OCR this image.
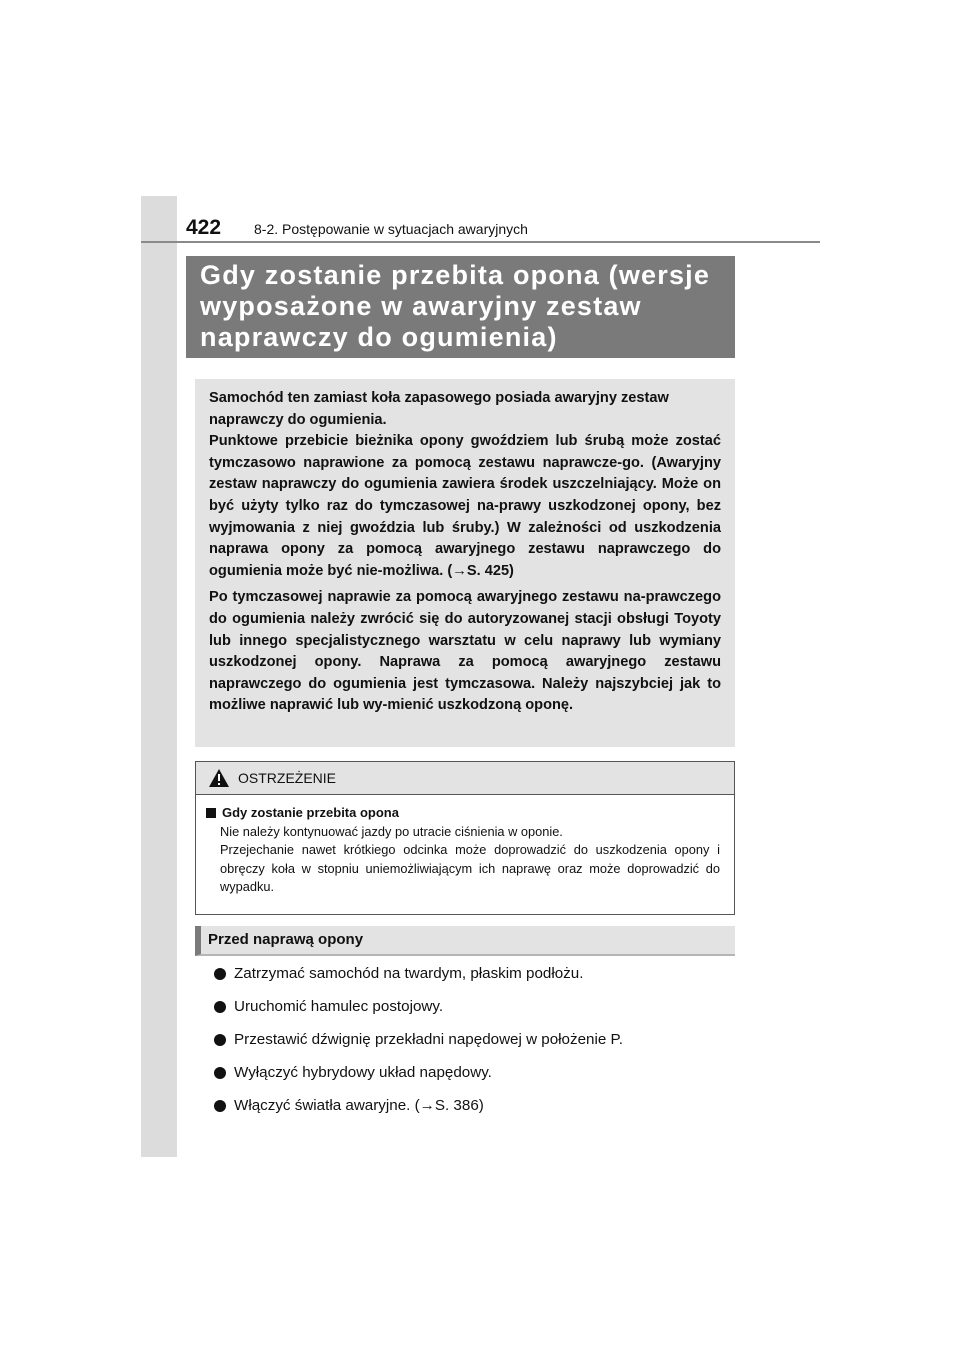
422 8-2. Postępowanie w sytuacjach awaryjnych
Gdy zostanie przebita opona (wersje
wyposażone w awaryjny zestaw
naprawczy do ogumienia)

Samochód ten zamiast koła zapasowego posiada awaryjny zestaw naprawczy do ogumienia.

Punktowe przebicie bieżnika opony gwoździem lub śrubą może zostać tymczasowo naprawione za pomocą zestawu naprawcze-go. (Awaryjny zestaw naprawczy do ogumienia zawiera środek uszczelniający. Może on być użyty tylko raz do tymczasowej na-prawy uszkodzonej opony, bez wyjmowania z niej gwoździa lub śruby.) W zależności od uszkodzenia naprawa opony za pomocą awaryjnego zestawu naprawczego do ogumienia może być nie-możliwa. (→S. 425)

Po tymczasowej naprawie za pomocą awaryjnego zestawu na-prawczego do ogumienia należy zwrócić się do autoryzowanej stacji obsługi Toyoty lub innego specjalistycznego warsztatu w celu naprawy lub wymiany uszkodzonej opony. Naprawa za pomocą awaryjnego zestawu naprawczego do ogumienia jest tymczasowa. Należy najszybciej jak to możliwe naprawić lub wy-mienić uszkodzoną oponę.

OSTRZEŻENIE
Gdy zostanie przebita opona

Nie należy kontynuować jazdy po utracie ciśnienia w oponie.

Przejechanie nawet krótkiego odcinka może doprowadzić do uszkodzenia opony i obręczy koła w stopniu uniemożliwiającym ich naprawę oraz może doprowadzić do wypadku.

Przed naprawą opony
Zatrzymać samochód na twardym, płaskim podłożu.
Uruchomić hamulec postojowy.
Przestawić dźwignię przekładni napędowej w położenie P.
Wyłączyć hybrydowy układ napędowy.
Włączyć światła awaryjne. (→S. 386)
